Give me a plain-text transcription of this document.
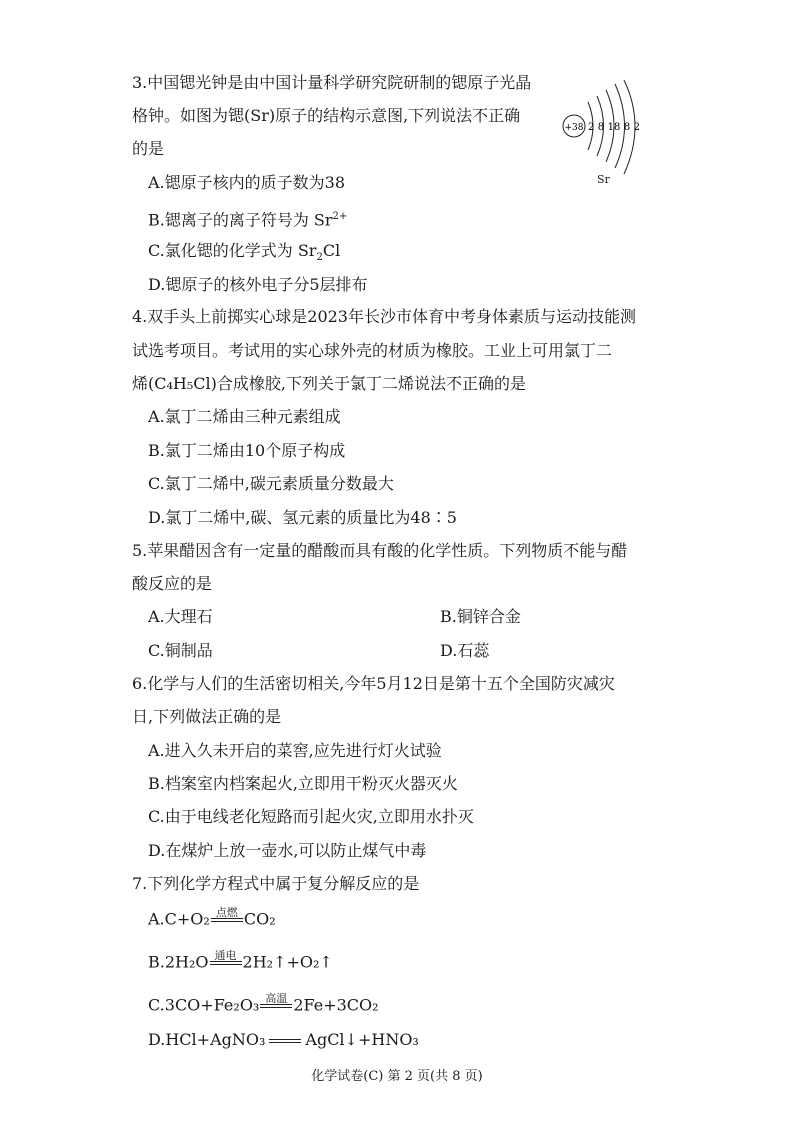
3.中国锶光钟是由中国计量科学研究院研制的锶原子光晶
格钟。如图为锶(Sr)原子的结构示意图,下列说法不正确
的是
A.锶原子核内的质子数为38
B.锶离子的离子符号为 $Sr^{2+}$
C.氯化锶的化学式为 $Sr_2Cl$
D.锶原子的核外电子分5层排布
+38 2 8 18 8 2
Sr
4.双手头上前掷实心球是2023年长沙市体育中考身体素质与运动技能测
试选考项目。考试用的实心球外壳的材质为橡胶。工业上可用氯丁二
烯(C₄H₅Cl)合成橡胶,下列关于氯丁二烯说法不正确的是
A.氯丁二烯由三种元素组成
B.氯丁二烯由10个原子构成
C.氯丁二烯中,碳元素质量分数最大
D.氯丁二烯中,碳、氢元素的质量比为48∶5
5.苹果醋因含有一定量的醋酸而具有酸的化学性质。下列物质不能与醋
酸反应的是
A.大理石	B.铜锌合金
C.铜制品	D.石蕊
6.化学与人们的生活密切相关,今年5月12日是第十五个全国防灾减灾
日,下列做法正确的是
A.进入久未开启的菜窖,应先进行灯火试验
B.档案室内档案起火,立即用干粉灭火器灭火
C.由于电线老化短路而引起火灾,立即用水扑灭
D.在煤炉上放一壶水,可以防止煤气中毒
7.下列化学方程式中属于复分解反应的是
A.C+O₂ 点燃 CO₂
B.2H₂O 通电 2H₂↑+O₂↑
C.3CO+Fe₂O₃ 高温 2Fe+3CO₂
D.HCl+AgNO₃	AgCl↓+HNO₃
化学试卷(C) 第 2 页(共 8 页)
